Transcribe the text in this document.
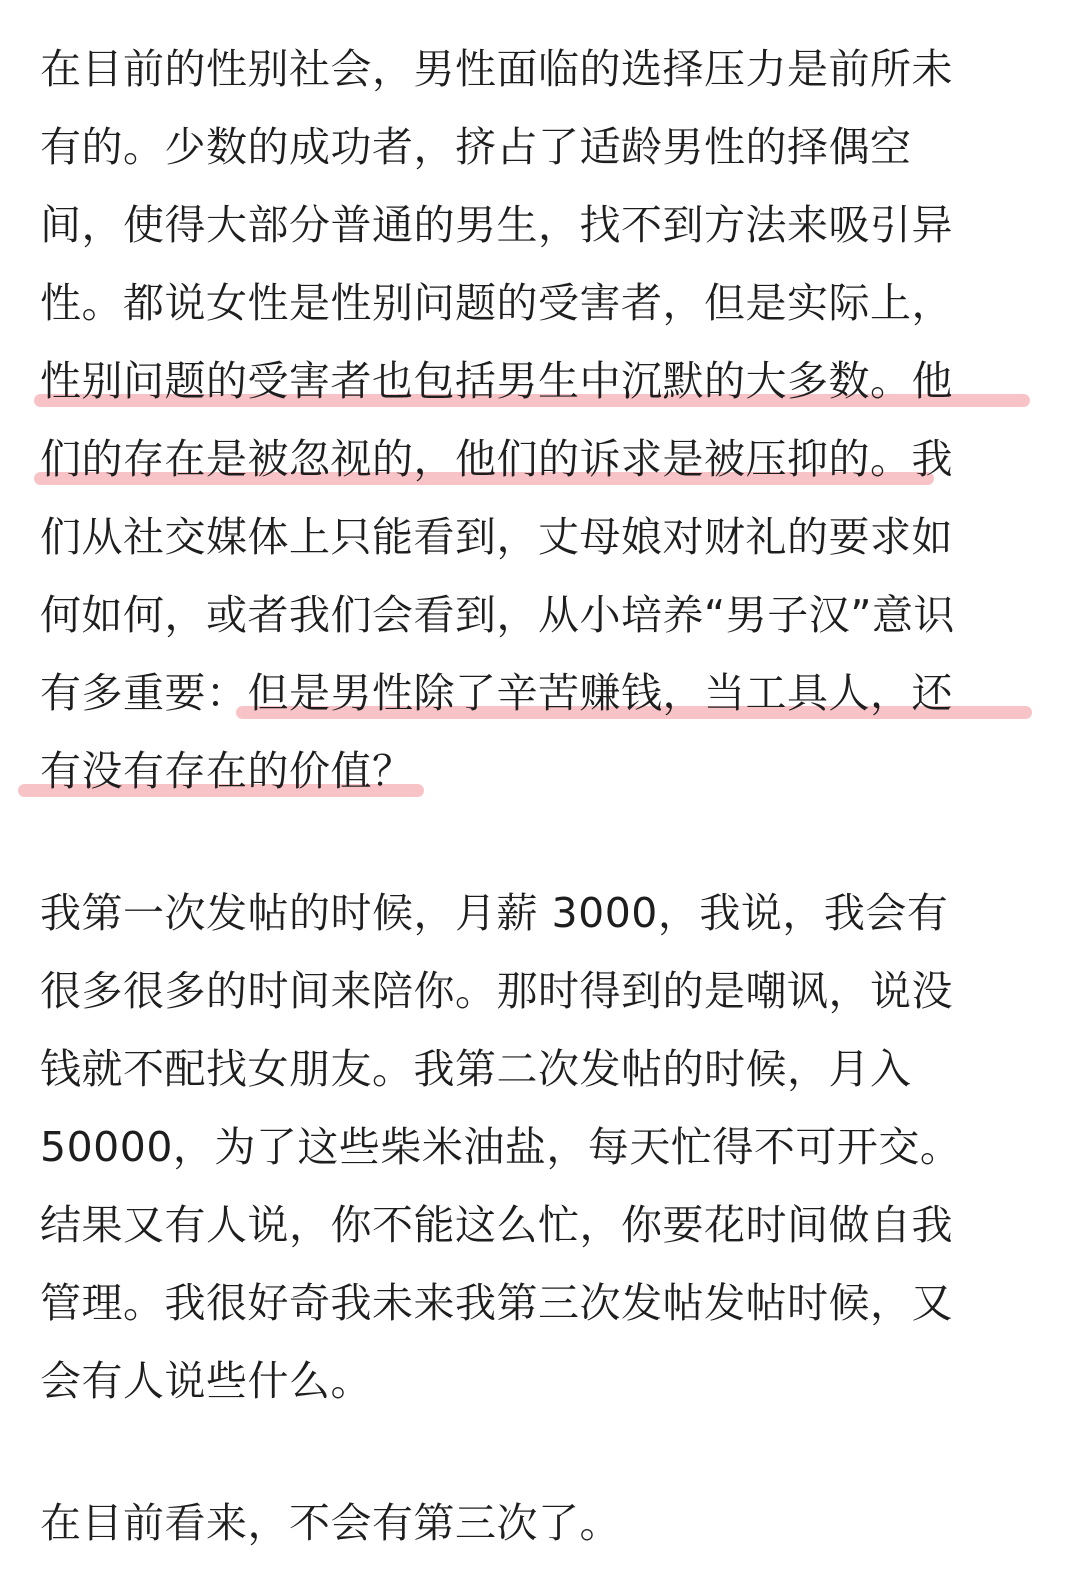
在目前的性别社会，男性面临的选择压力是前所未
有的。少数的成功者，挤占了适龄男性的择偶空
间，使得大部分普通的男生，找不到方法来吸引异
性。都说女性是性别问题的受害者，但是实际上，
性别问题的受害者也包括男生中沉默的大多数。他
们的存在是被忽视的，他们的诉求是被压抑的。我
们从社交媒体上只能看到，丈母娘对财礼的要求如
何如何，或者我们会看到，从小培养“男子汉”意识
有多重要：但是男性除了辛苦赚钱，当工具人，还
有没有存在的价值？
我第一次发帖的时候，月薪 3000，我说，我会有
很多很多的时间来陪你。那时得到的是嘲讽，说没
钱就不配找女朋友。我第二次发帖的时候，月入
50000，为了这些柴米油盐，每天忙得不可开交。
结果又有人说，你不能这么忙，你要花时间做自我
管理。我很好奇我未来我第三次发帖发帖时候，又
会有人说些什么。
在目前看来，不会有第三次了。
